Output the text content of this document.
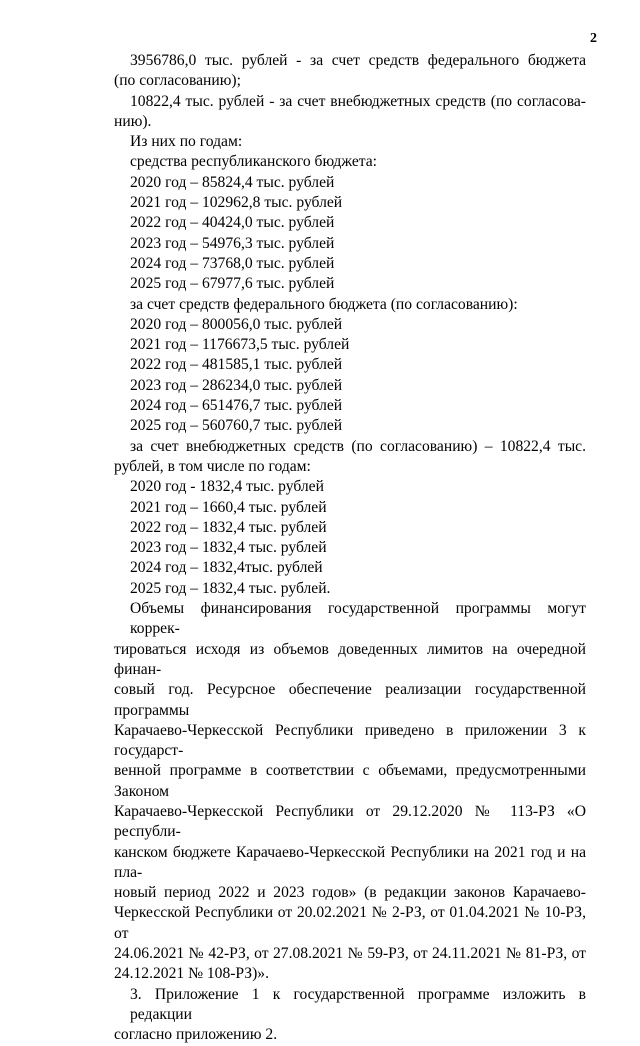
2
3956786,0 тыс. рублей - за счет средств федерального бюджета
(по согласованию);
10822,4 тыс. рублей - за счет внебюджетных средств (по согласова-
нию).
Из них по годам:
средства республиканского бюджета:
2020 год – 85824,4 тыс. рублей
2021 год – 102962,8 тыс. рублей
2022 год – 40424,0 тыс. рублей
2023 год – 54976,3 тыс. рублей
2024 год – 73768,0 тыс. рублей
2025 год – 67977,6 тыс. рублей
за счет средств федерального бюджета (по согласованию):
2020 год – 800056,0 тыс. рублей
2021 год – 1176673,5 тыс. рублей
2022 год – 481585,1 тыс. рублей
2023 год – 286234,0 тыс. рублей
2024 год – 651476,7 тыс. рублей
2025 год – 560760,7 тыс. рублей
за счет внебюджетных средств (по согласованию) – 10822,4 тыс.
рублей, в том числе по годам:
2020 год - 1832,4 тыс. рублей
2021 год – 1660,4 тыс. рублей
2022 год – 1832,4 тыс. рублей
2023 год – 1832,4 тыс. рублей
2024 год – 1832,4тыс. рублей
2025 год – 1832,4 тыс. рублей.
Объемы финансирования государственной программы могут коррек-
тироваться исходя из объемов доведенных лимитов на очередной финан-
совый год. Ресурсное обеспечение реализации государственной программы
Карачаево-Черкесской Республики приведено в приложении 3 к государст-
венной программе в соответствии с объемами, предусмотренными Законом
Карачаево-Черкесской Республики от 29.12.2020 № 113-РЗ «О республи-
канском бюджете Карачаево-Черкесской Республики на 2021 год и на пла-
новый период 2022 и 2023 годов» (в редакции законов Карачаево-
Черкесской Республики от 20.02.2021 № 2-РЗ, от 01.04.2021 № 10-РЗ, от
24.06.2021 № 42-РЗ, от 27.08.2021 № 59-РЗ, от 24.11.2021 № 81-РЗ, от
24.12.2021 № 108-РЗ)».
3. Приложение 1 к государственной программе изложить в редакции
согласно приложению 2.
